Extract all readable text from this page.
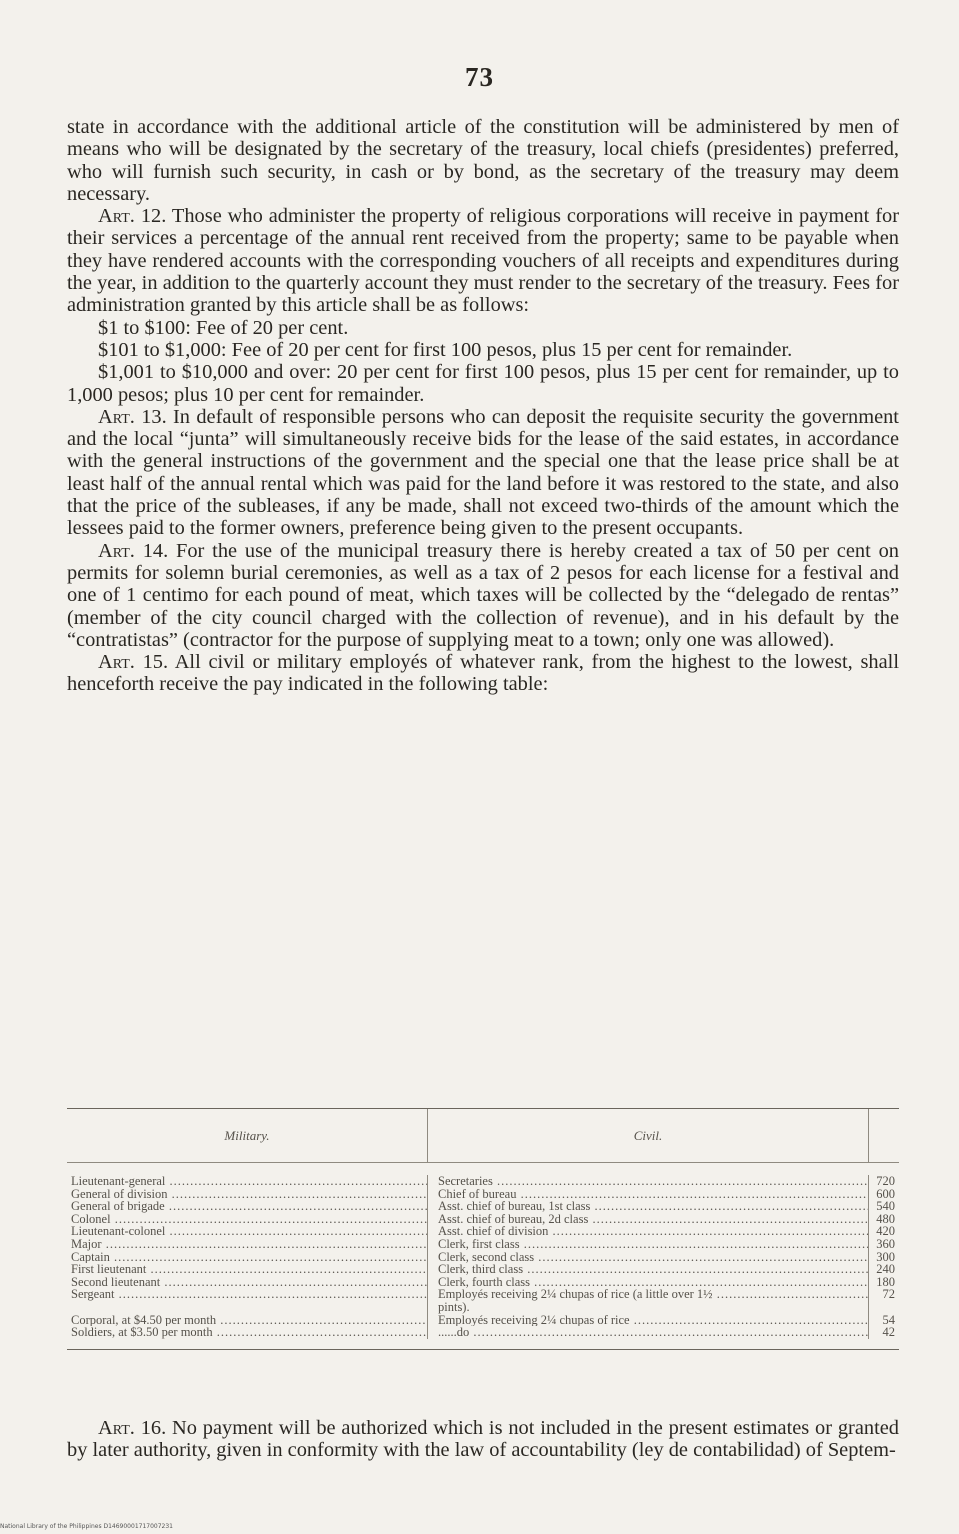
73

state in accordance with the additional article of the constitution will be administered by men of means who will be designated by the secretary of the treasury, local chiefs (presidentes) preferred, who will furnish such security, in cash or by bond, as the secretary of the treasury may deem necessary.

Art. 12. Those who administer the property of religious corporations will receive in payment for their services a percentage of the annual rent received from the property; same to be payable when they have rendered accounts with the corresponding vouchers of all receipts and expenditures during the year, in addition to the quarterly account they must render to the secretary of the treasury. Fees for administration granted by this article shall be as follows:

$1 to $100: Fee of 20 per cent.

$101 to $1,000: Fee of 20 per cent for first 100 pesos, plus 15 per cent for remainder.

$1,001 to $10,000 and over: 20 per cent for first 100 pesos, plus 15 per cent for remainder, up to 1,000 pesos; plus 10 per cent for remainder.

Art. 13. In default of responsible persons who can deposit the requisite security the government and the local “junta” will simultaneously receive bids for the lease of the said estates, in accordance with the general instructions of the government and the special one that the lease price shall be at least half of the annual rental which was paid for the land before it was restored to the state, and also that the price of the subleases, if any be made, shall not exceed two-thirds of the amount which the lessees paid to the former owners, preference being given to the present occupants.

Art. 14. For the use of the municipal treasury there is hereby created a tax of 50 per cent on permits for solemn burial ceremonies, as well as a tax of 2 pesos for each license for a festival and one of 1 centimo for each pound of meat, which taxes will be collected by the “delegado de rentas” (member of the city council charged with the collection of revenue), and in his default by the “contratistas” (contractor for the purpose of supplying meat to a town; only one was allowed).

Art. 15. All civil or military employés of whatever rank, from the highest to the lowest, shall henceforth receive the pay indicated in the following table:

Military.	Civil.
Lieutenant-general .....
General of division .....
General of brigade .....
Colonel .....
Lieutenant-colonel .....
Major .....
Captain .....
First lieutenant .....
Second lieutenant .....
Sergeant .....

Corporal, at $4.50 per month .....
Soldiers, at $3.50 per month .....
Secretaries .....
Chief of bureau .....
Asst. chief of bureau, 1st class .....
Asst. chief of bureau, 2d class .....
Asst. chief of division .....
Clerk, first class .....
Clerk, second class .....
Clerk, third class .....
Clerk, fourth class .....
Employés receiving 2¼ chupas of rice (a little over 1½ .....
pints).
Employés receiving 2¼ chupas of rice .....
......do .....
720
600
540
480
420
360
300
240
180
72

54
42

Art. 16. No payment will be authorized which is not included in the present estimates or granted by later authority, given in conformity with the law of accountability (ley de contabilidad) of Septem-

National Library of the Philippines D14690001717007231
